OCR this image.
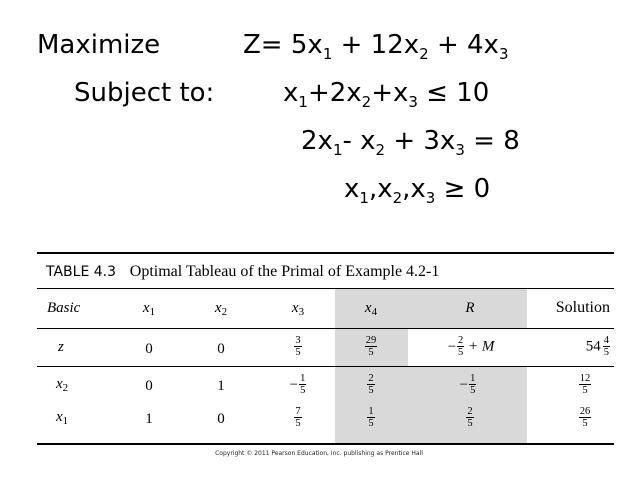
Maximize	$Z= 5x_1 + 12x_2 + 4x_3$
Subject to:	$x_1+2x_2+x_3 \le 10$
$2x_1-$ $x_2 + 3x_3 = 8$
$x_1,x_2,x_3 \ge 0$
TABLE 4.3 Optimal Tableau of the Primal of Example 4.2-1
Basic	$x_1$	$x_2$	$x_3$	$x_4$	R	Solution
z	0	0	$\frac{3}{5}$	$\frac{29}{5}$	− $\frac{2}{5} + M$	$54 \frac{4}{5}$
$x_2$	0	1	− $\frac{1}{5}$	$\frac{2}{5}$	− $\frac{1}{5}$	$\frac{12}{5}$
$x_1$	1	0	$\frac{7}{5}$	$\frac{1}{5}$	$\frac{2}{5}$	$\frac{26}{5}$
Copyright © 2011 Pearson Education, Inc. publishing as Prentice Hall
